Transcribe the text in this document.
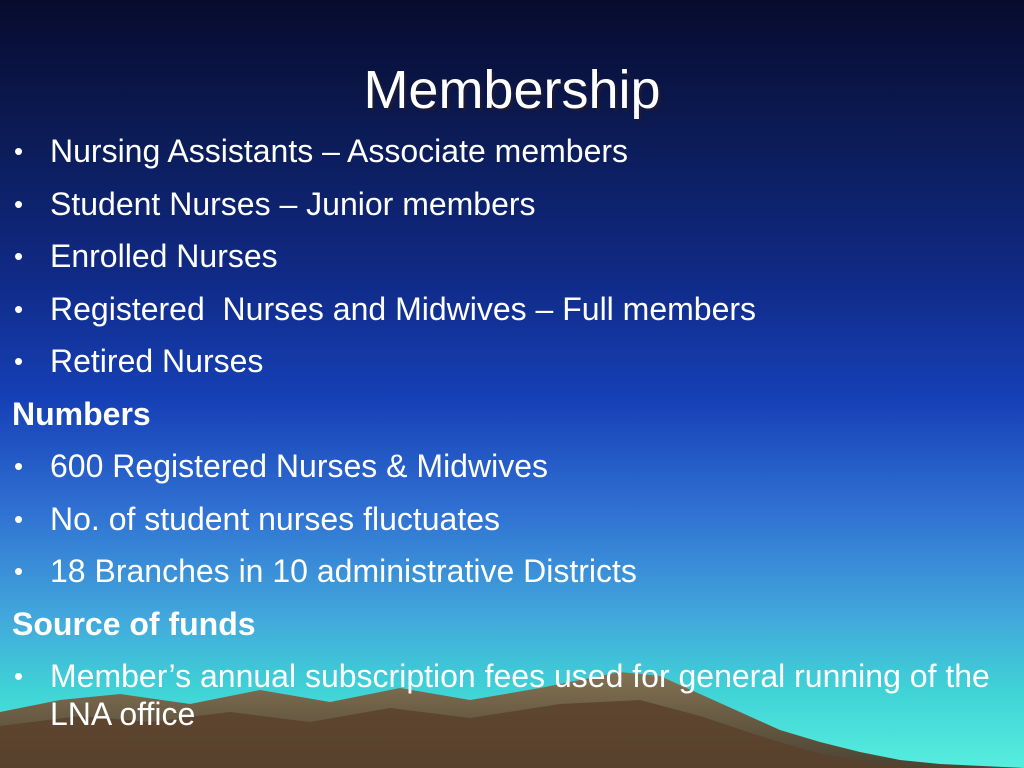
Membership
• Nursing Assistants – Associate members
• Student Nurses – Junior members
• Enrolled Nurses
• Registered  Nurses and Midwives – Full members
• Retired Nurses
Numbers
• 600 Registered Nurses & Midwives
• No. of student nurses fluctuates
• 18 Branches in 10 administrative Districts
Source of funds
• Member’s annual subscription fees used for general running of the LNA office
